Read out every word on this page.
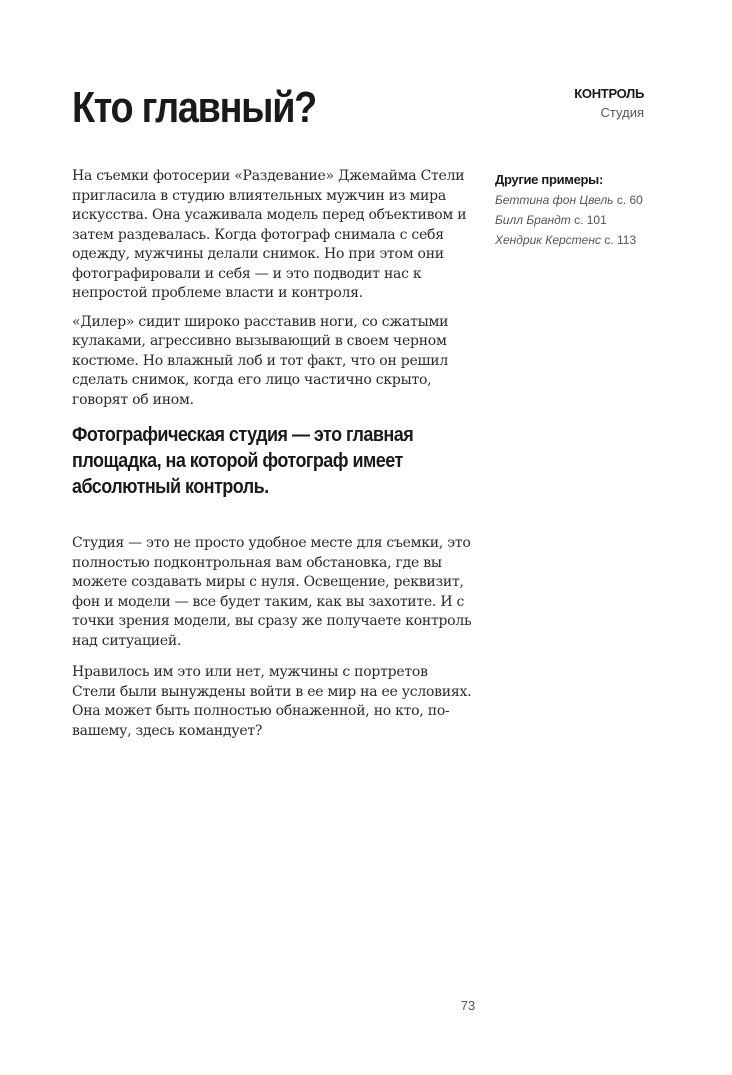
Кто главный?	КОНТРОЛЬ
Студия
Другие примеры:
Беттина фон Цвель с. 60
Билл Брандт с. 101
Хендрик Керстенс с. 113

На съемки фотосерии «Раздевание» Джемайма Стели пригласила в студию влиятельных мужчин из мира искусства. Она усаживала модель перед объективом и затем раздевалась. Когда фотограф снимала с себя одежду, мужчины делали снимок. Но при этом они фотографировали и себя — и это подводит нас к непростой проблеме власти и контроля.

«Дилер» сидит широко расставив ноги, со сжатыми кулаками, агрессивно вызывающий в своем черном костюме. Но влажный лоб и тот факт, что он решил сделать снимок, когда его лицо частично скрыто, говорят об ином.

Фотографическая студия — это главная площадка, на которой фотограф имеет абсолютный контроль.

Студия — это не просто удобное месте для съемки, это полностью подконтрольная вам обстановка, где вы можете создавать миры с нуля. Освещение, реквизит, фон и модели — все будет таким, как вы захотите. И с точки зрения модели, вы сразу же получаете контроль над ситуацией.

Нравилось им это или нет, мужчины с портретов Стели были вынуждены войти в ее мир на ее условиях. Она может быть полностью обнаженной, но кто, по-вашему, здесь командует?

73
